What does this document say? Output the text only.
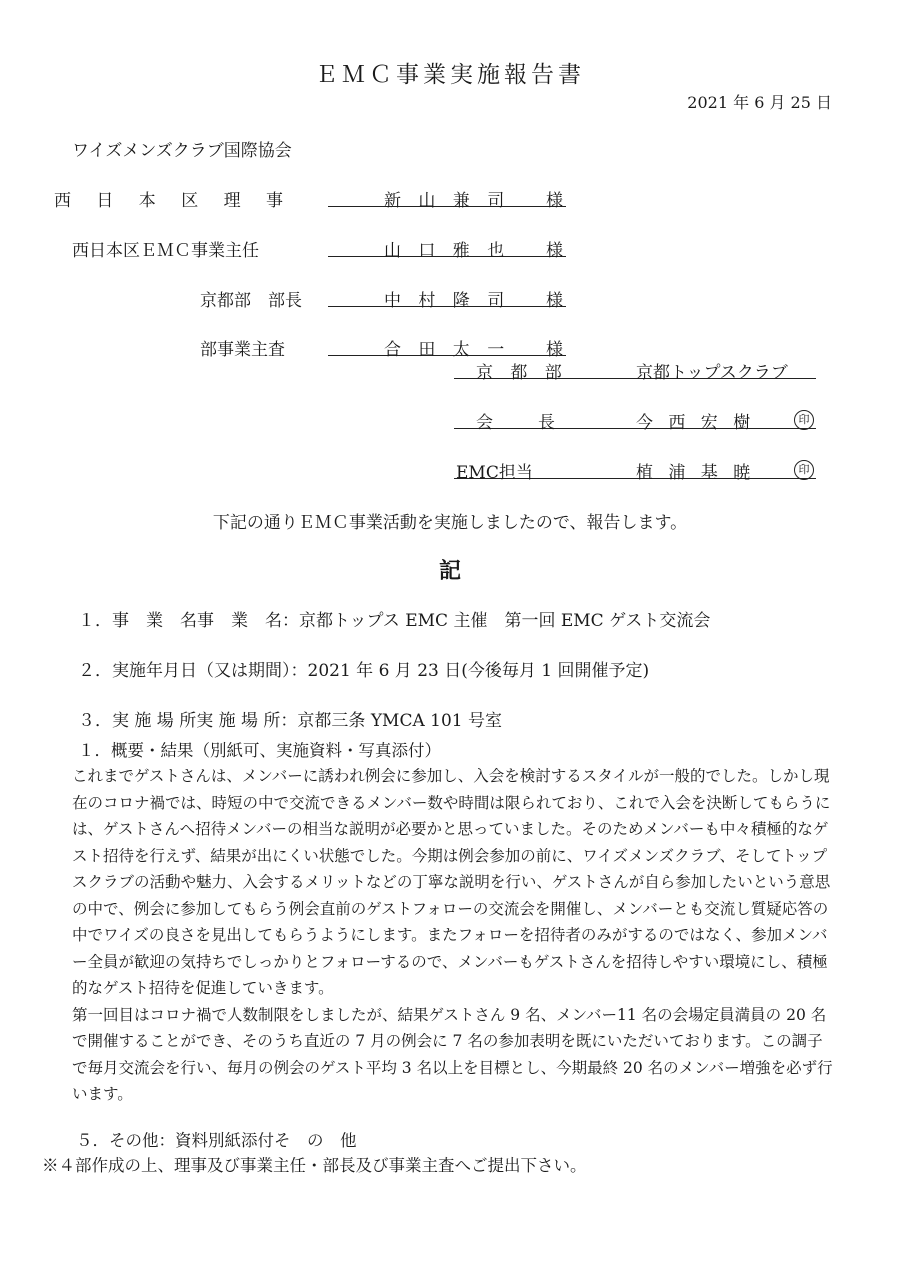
ＥＭＣ事業実施報告書
2021 年 6 月 25 日
ワイズメンズクラブ国際協会
西 日 本 区 理 事	新 山 兼 司 様
西日本区ＥＭＣ事業主任	山 口 雅 也 様
京都部　部長	中 村 隆 司 様
部事業主査	合 田 太 一 様
京 都 部	京都トップスクラブ
会　長	今 西 宏 樹	印
EMC担当	植 浦 基 暁	印
下記の通りＥＭＣ事業活動を実施しましたので、報告します。
記
１．事　業　名事　業　名：京都トップス EMC 主催　第一回 EMC ゲスト交流会
２．実施年月日（又は期間）：2021 年 6 月 23 日(今後毎月 1 回開催予定)
３．実 施 場 所実 施 場 所：京都三条 YMCA 101 号室
１．概要・結果（別紙可、実施資料・写真添付）

これまでゲストさんは、メンバーに誘われ例会に参加し、入会を検討するスタイルが一般的でした。しかし現在のコロナ禍では、時短の中で交流できるメンバー数や時間は限られており、これで入会を決断してもらうには、ゲストさんへ招待メンバーの相当な説明が必要かと思っていました。そのためメンバーも中々積極的なゲスト招待を行えず、結果が出にくい状態でした。今期は例会参加の前に、ワイズメンズクラブ、そしてトップスクラブの活動や魅力、入会するメリットなどの丁寧な説明を行い、ゲストさんが自ら参加したいという意思の中で、例会に参加してもらう例会直前のゲストフォローの交流会を開催し、メンバーとも交流し質疑応答の中でワイズの良さを見出してもらうようにします。またフォローを招待者のみがするのではなく、参加メンバー全員が歓迎の気持ちでしっかりとフォローするので、メンバーもゲストさんを招待しやすい環境にし、積極的なゲスト招待を促進していきます。

第一回目はコロナ禍で人数制限をしましたが、結果ゲストさん 9 名、メンバー11 名の会場定員満員の 20 名で開催することができ、そのうち直近の 7 月の例会に 7 名の参加表明を既にいただいております。この調子で毎月交流会を行い、毎月の例会のゲスト平均 3 名以上を目標とし、今期最終 20 名のメンバー増強を必ず行います。

５．その他：資料別紙添付そ　の　他
※４部作成の上、理事及び事業主任・部長及び事業主査へご提出下さい。
